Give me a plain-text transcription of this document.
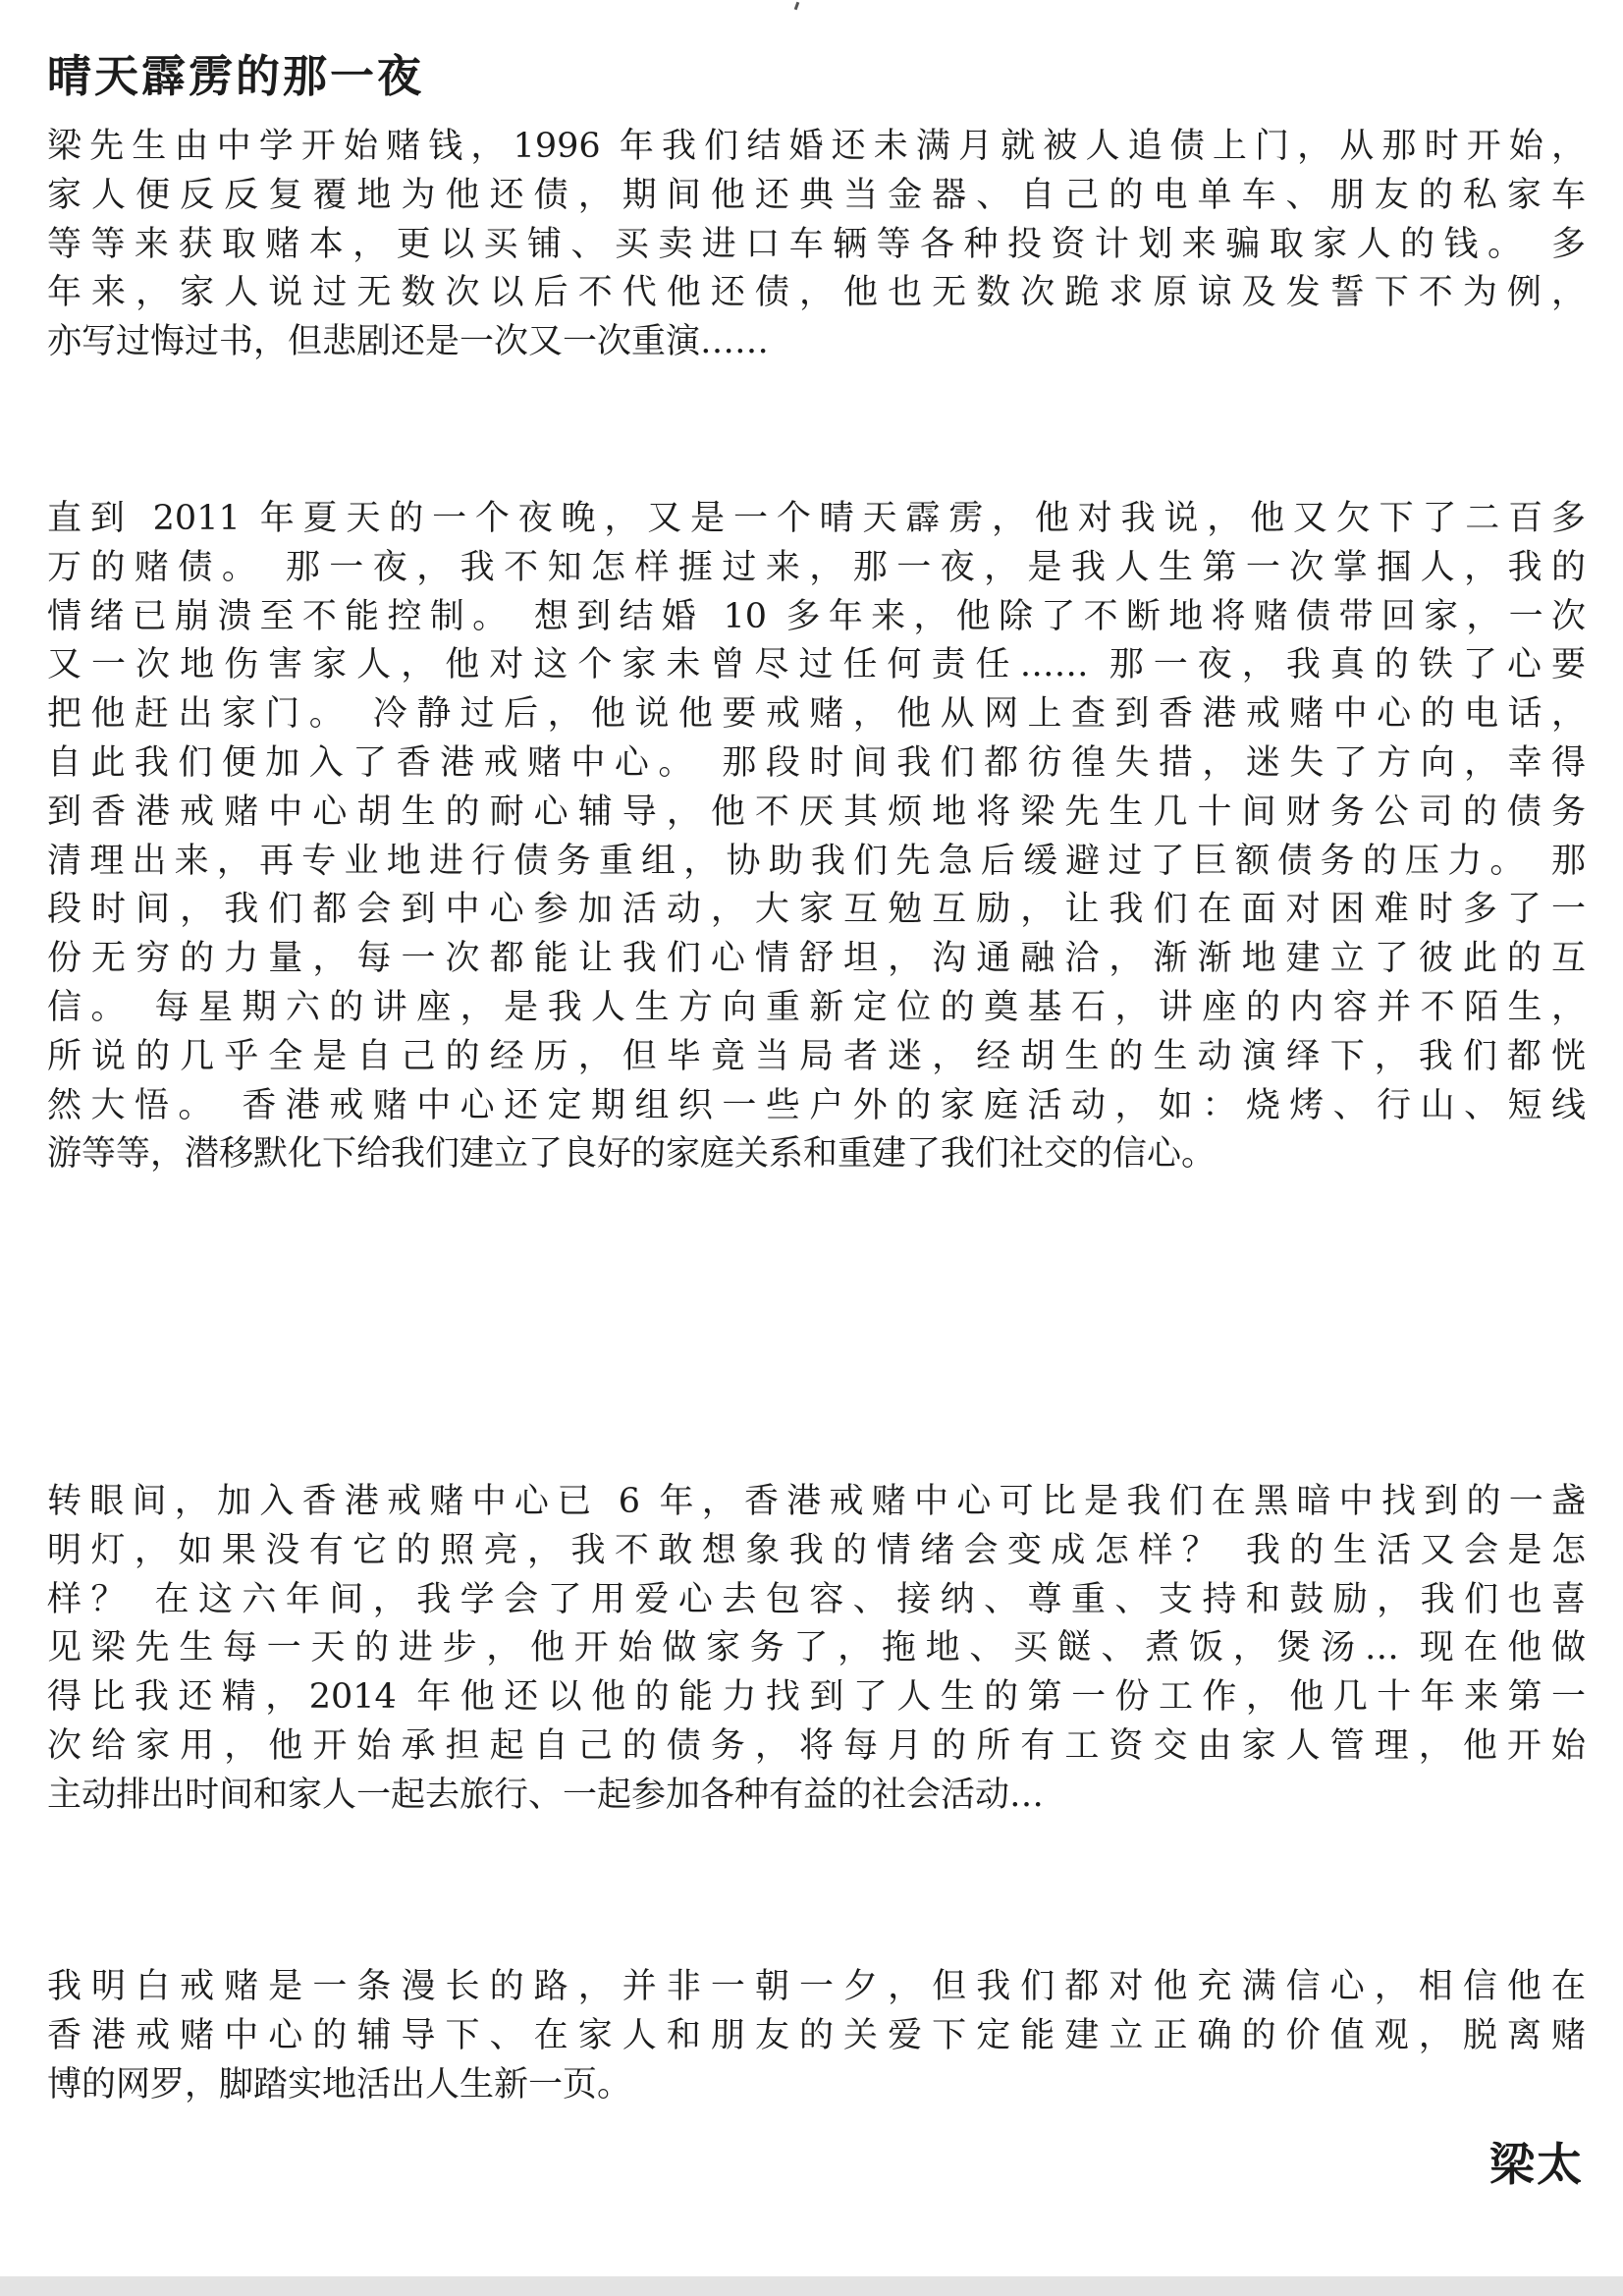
晴天霹雳的那一夜
梁先生由中学开始赌钱，1996 年我们结婚还未满月就被人追债上门，从那时开始，
家人便反反复覆地为他还债，期间他还典当金器、自己的电单车、朋友的私家车
等等来获取赌本，更以买铺、买卖进口车辆等各种投资计划来骗取家人的钱。 多
年来，家人说过无数次以后不代他还债，他也无数次跪求原谅及发誓下不为例，
亦写过悔过书，但悲剧还是一次又一次重演……
直到 2011 年夏天的一个夜晚，又是一个晴天霹雳，他对我说，他又欠下了二百多
万的赌债。 那一夜，我不知怎样捱过来，那一夜，是我人生第一次掌掴人，我的
情绪已崩溃至不能控制。 想到结婚 10 多年来，他除了不断地将赌债带回家，一次
又一次地伤害家人，他对这个家未曾尽过任何责任…… 那一夜，我真的铁了心要
把他赶出家门。 冷静过后，他说他要戒赌，他从网上查到香港戒赌中心的电话，
自此我们便加入了香港戒赌中心。 那段时间我们都彷徨失措，迷失了方向，幸得
到香港戒赌中心胡生的耐心辅导，他不厌其烦地将梁先生几十间财务公司的债务
清理出来，再专业地进行债务重组，协助我们先急后缓避过了巨额债务的压力。 那
段时间，我们都会到中心参加活动，大家互勉互励，让我们在面对困难时多了一
份无穷的力量，每一次都能让我们心情舒坦，沟通融洽，渐渐地建立了彼此的互
信。 每星期六的讲座，是我人生方向重新定位的奠基石，讲座的内容并不陌生，
所说的几乎全是自己的经历，但毕竟当局者迷，经胡生的生动演绎下，我们都恍
然大悟。 香港戒赌中心还定期组织一些户外的家庭活动，如：烧烤、行山、短线
游等等，潜移默化下给我们建立了良好的家庭关系和重建了我们社交的信心。
转眼间，加入香港戒赌中心已 6 年，香港戒赌中心可比是我们在黑暗中找到的一盏
明灯，如果没有它的照亮，我不敢想象我的情绪会变成怎样？ 我的生活又会是怎
样？ 在这六年间，我学会了用爱心去包容、接纳、尊重、支持和鼓励，我们也喜
见梁先生每一天的进步，他开始做家务了，拖地、买餸、煮饭，煲汤… 现在他做
得比我还精，2014 年他还以他的能力找到了人生的第一份工作，他几十年来第一
次给家用，他开始承担起自己的债务，将每月的所有工资交由家人管理，他开始
主动排出时间和家人一起去旅行、一起参加各种有益的社会活动…
我明白戒赌是一条漫长的路，并非一朝一夕，但我们都对他充满信心，相信他在
香港戒赌中心的辅导下、在家人和朋友的关爱下定能建立正确的价值观，脱离赌
博的网罗，脚踏实地活出人生新一页。
梁太
